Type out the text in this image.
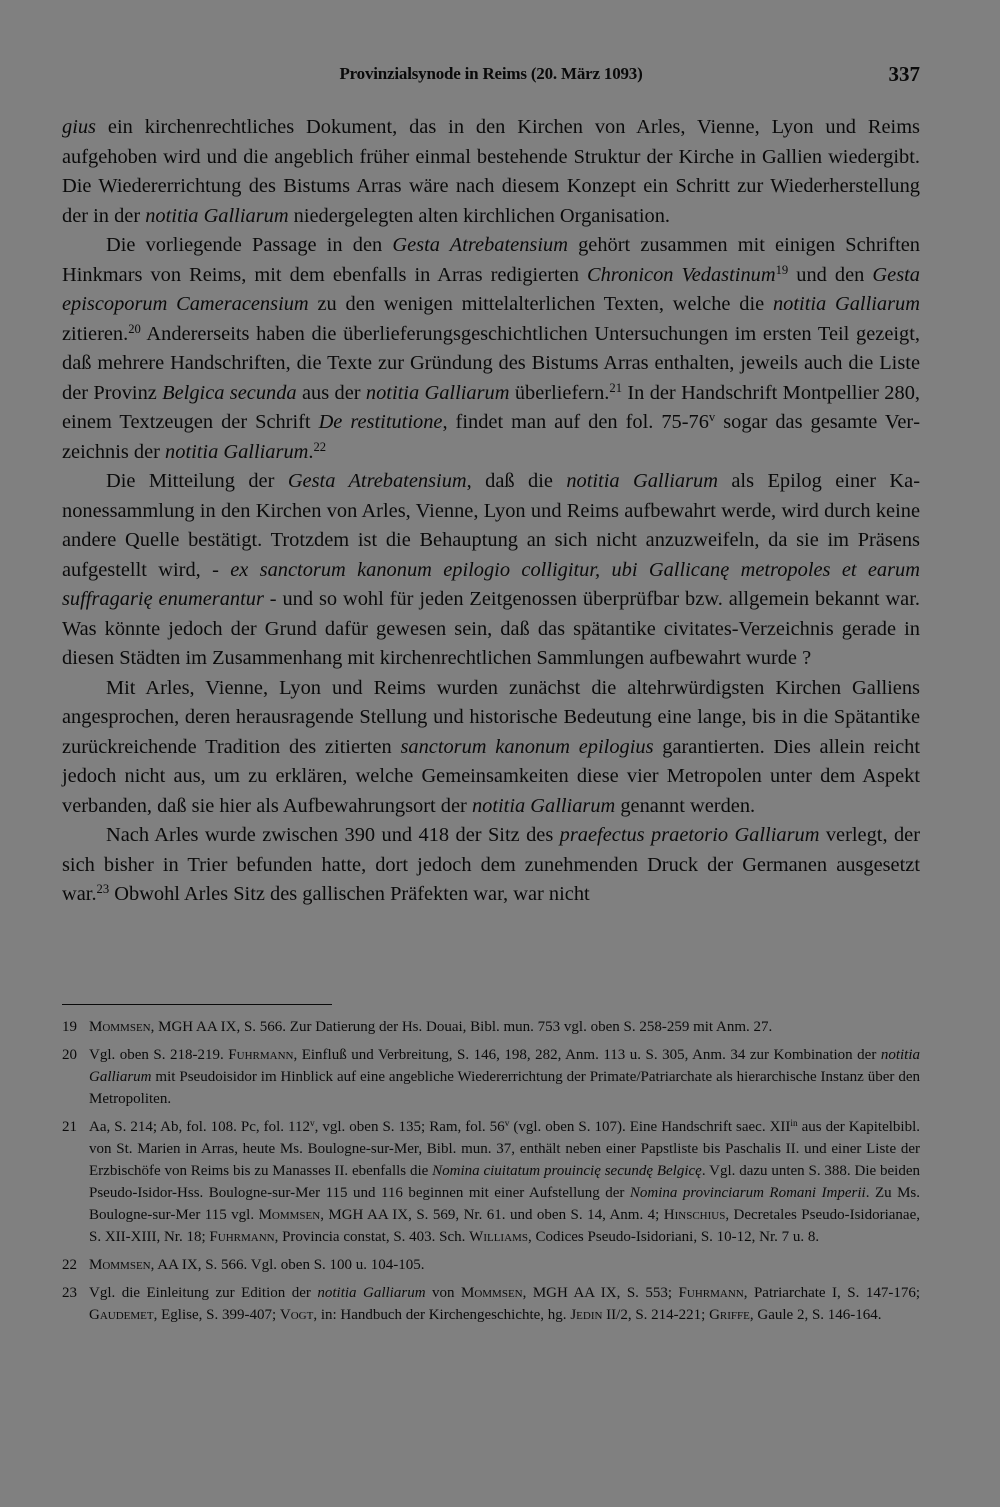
Provinzialsynode in Reims (20. März 1093)	337

gius ein kirchenrechtliches Dokument, das in den Kirchen von Arles, Vienne, Lyon und Reims aufgehoben wird und die angeblich früher einmal bestehende Struktur der Kirche in Gallien wiedergibt. Die Wiedererrichtung des Bistums Arras wäre nach diesem Konzept ein Schritt zur Wiederherstellung der in der notitia Galliarum niedergelegten alten kirchlichen Organisation.

Die vorliegende Passage in den Gesta Atrebatensium gehört zusammen mit einigen Schriften Hinkmars von Reims, mit dem ebenfalls in Arras redigierten Chronicon Vedastinum$^{19}$ und den Gesta episcoporum Cameracensium zu den wenigen mittelalterlichen Texten, welche die notitia Galliarum zitieren.$^{20}$ Andererseits haben die überlieferungsgeschichtlichen Untersuchungen im ersten Teil gezeigt, daß mehrere Handschriften, die Texte zur Gründung des Bistums Arras enthalten, jeweils auch die Liste der Provinz Belgica secunda aus der notitia Galliarum überliefern.$^{21}$ In der Handschrift Montpellier 280, einem Textzeugen der Schrift De restitutione, findet man auf den fol. 75-76$^v$ sogar das gesamte Verzeichnis der notitia Galliarum.$^{22}$

Die Mitteilung der Gesta Atrebatensium, daß die notitia Galliarum als Epilog einer Kanonessammlung in den Kirchen von Arles, Vienne, Lyon und Reims aufbewahrt werde, wird durch keine andere Quelle bestätigt. Trotzdem ist die Behauptung an sich nicht anzuzweifeln, da sie im Präsens aufgestellt wird, - ex sanctorum kanonum epilogio colligitur, ubi Gallicanę metropoles et earum suffragarię enumerantur - und so wohl für jeden Zeitgenossen überprüfbar bzw. allgemein bekannt war. Was könnte jedoch der Grund dafür gewesen sein, daß das spätantike civitates-Verzeichnis gerade in diesen Städten im Zusammenhang mit kirchenrechtlichen Sammlungen aufbewahrt wurde ?

Mit Arles, Vienne, Lyon und Reims wurden zunächst die altehrwürdigsten Kirchen Galliens angesprochen, deren herausragende Stellung und historische Bedeutung eine lange, bis in die Spätantike zurückreichende Tradition des zitierten sanctorum kanonum epilogius garantierten. Dies allein reicht jedoch nicht aus, um zu erklären, welche Gemeinsamkeiten diese vier Metropolen unter dem Aspekt verbanden, daß sie hier als Aufbewahrungsort der notitia Galliarum genannt werden.

Nach Arles wurde zwischen 390 und 418 der Sitz des praefectus praetorio Galliarum verlegt, der sich bisher in Trier befunden hatte, dort jedoch dem zunehmenden Druck der Germanen ausgesetzt war.$^{23}$ Obwohl Arles Sitz des gallischen Präfekten war, war nicht

19 Mommsen, MGH AA IX, S. 566. Zur Datierung der Hs. Douai, Bibl. mun. 753 vgl. oben S. 258-259 mit Anm. 27.
20 Vgl. oben S. 218-219. Fuhrmann, Einfluß und Verbreitung, S. 146, 198, 282, Anm. 113 u. S. 305, Anm. 34 zur Kombination der notitia Galliarum mit Pseudoisidor im Hinblick auf eine angebliche Wiedererrichtung der Primate/Patriarchate als hierarchische Instanz über den Metropoliten.
21 Aa, S. 214; Ab, fol. 108. Pc, fol. 112$^v$, vgl. oben S. 135; Ram, fol. 56$^v$ (vgl. oben S. 107). Eine Handschrift saec. $XII^{in}$ aus der Kapitelbibl. von St. Marien in Arras, heute Ms. Boulogne-sur-Mer, Bibl. mun. 37, enthält neben einer Papstliste bis Paschalis II. und einer Liste der Erzbischöfe von Reims bis zu Manasses II. ebenfalls die Nomina ciuitatum prouincię secundę Belgicę. Vgl. dazu unten S. 388. Die beiden Pseudo-Isidor-Hss. Boulogne-sur-Mer 115 und 116 beginnen mit einer Aufstellung der Nomina provinciarum Romani Imperii. Zu Ms. Boulogne-sur-Mer 115 vgl. Mommsen, MGH AA IX, S. 569, Nr. 61. und oben S. 14, Anm. 4; Hinschius, Decretales Pseudo-Isidorianae, S. XII-XIII, Nr. 18; Fuhrmann, Provincia constat, S. 403. Sch. Williams, Codices Pseudo-Isidoriani, S. 10-12, Nr. 7 u. 8.
22 Mommsen, AA IX, S. 566. Vgl. oben S. 100 u. 104-105.
23 Vgl. die Einleitung zur Edition der notitia Galliarum von Mommsen, MGH AA IX, S. 553; Fuhrmann, Patriarchate I, S. 147-176; Gaudemet, Eglise, S. 399-407; Vogt, in: Handbuch der Kirchengeschichte, hg. Jedin II/2, S. 214-221; Griffe, Gaule 2, S. 146-164.
